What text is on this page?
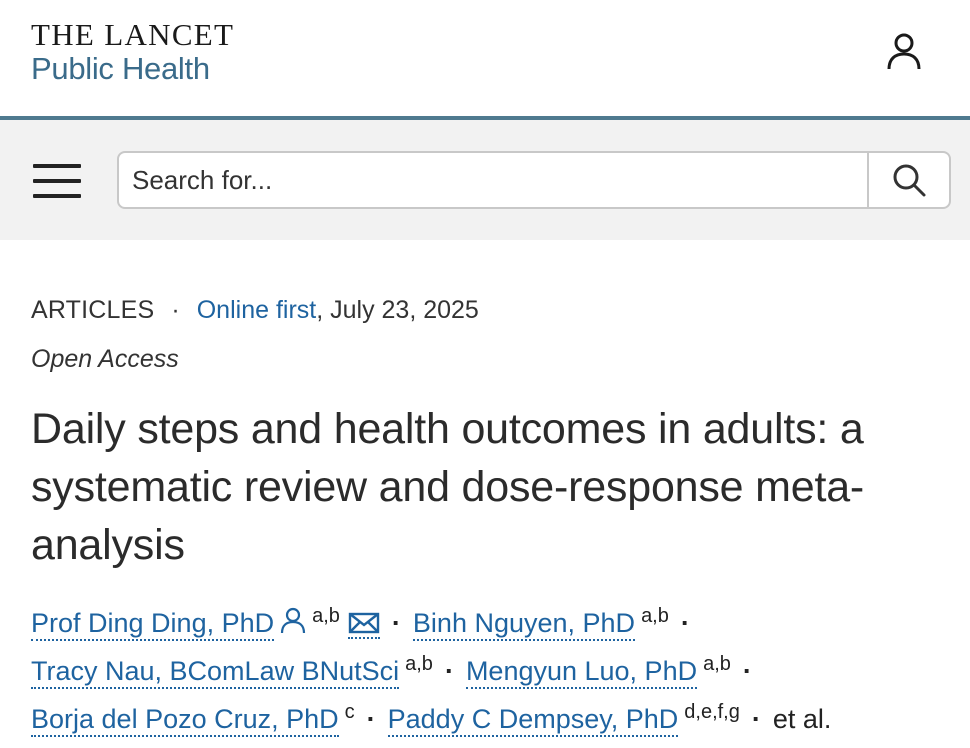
THE LANCET
Public Health
Search for...
ARTICLES · Online first, July 23, 2025
Open Access
Daily steps and health outcomes in adults: a systematic review and dose-response meta-analysis
Prof Ding Ding, PhD $^{a,b}$ · Binh Nguyen, PhD $^{a,b}$ ·
Tracy Nau, BComLaw BNutSci $^{a,b}$ · Mengyun Luo, PhD $^{a,b}$ ·
Borja del Pozo Cruz, PhD $^c$ · Paddy C Dempsey, PhD $^{d,e,f,g}$ · et al.
